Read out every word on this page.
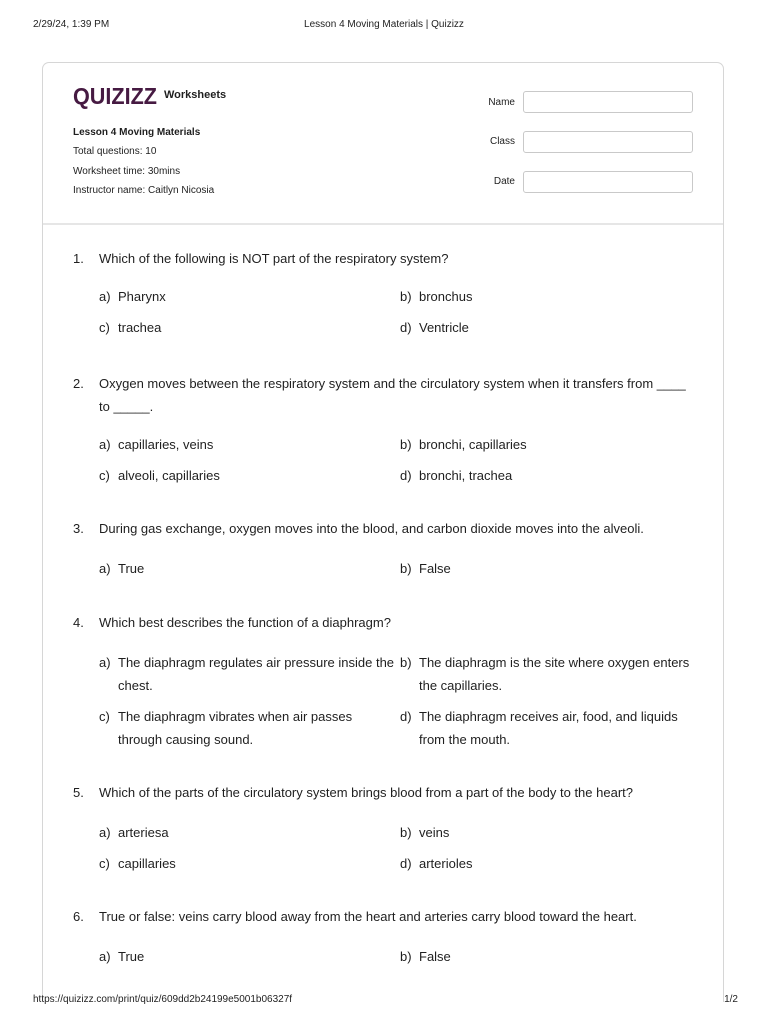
2/29/24, 1:39 PM	Lesson 4 Moving Materials | Quizizz
QUIZIZZ Worksheets
Lesson 4 Moving Materials
Total questions: 10
Worksheet time: 30mins
Instructor name: Caitlyn Nicosia
Name
Class
Date
1. Which of the following is NOT part of the respiratory system?
a) Pharynx	b) bronchus
c) trachea	d) Ventricle
2. Oxygen moves between the respiratory system and the circulatory system when it transfers from ____ to _____.
a) capillaries, veins	b) bronchi, capillaries
c) alveoli, capillaries	d) bronchi, trachea
3. During gas exchange, oxygen moves into the blood, and carbon dioxide moves into the alveoli.
a) True	b) False
4. Which best describes the function of a diaphragm?
a) The diaphragm regulates air pressure inside the chest.
b) The diaphragm is the site where oxygen enters the capillaries.
c) The diaphragm vibrates when air passes through causing sound.
d) The diaphragm receives air, food, and liquids from the mouth.
5. Which of the parts of the circulatory system brings blood from a part of the body to the heart?
a) arteriesa	b) veins
c) capillaries	d) arterioles
6. True or false: veins carry blood away from the heart and arteries carry blood toward the heart.
a) True	b) False
https://quizizz.com/print/quiz/609dd2b24199e5001b06327f	1/2
